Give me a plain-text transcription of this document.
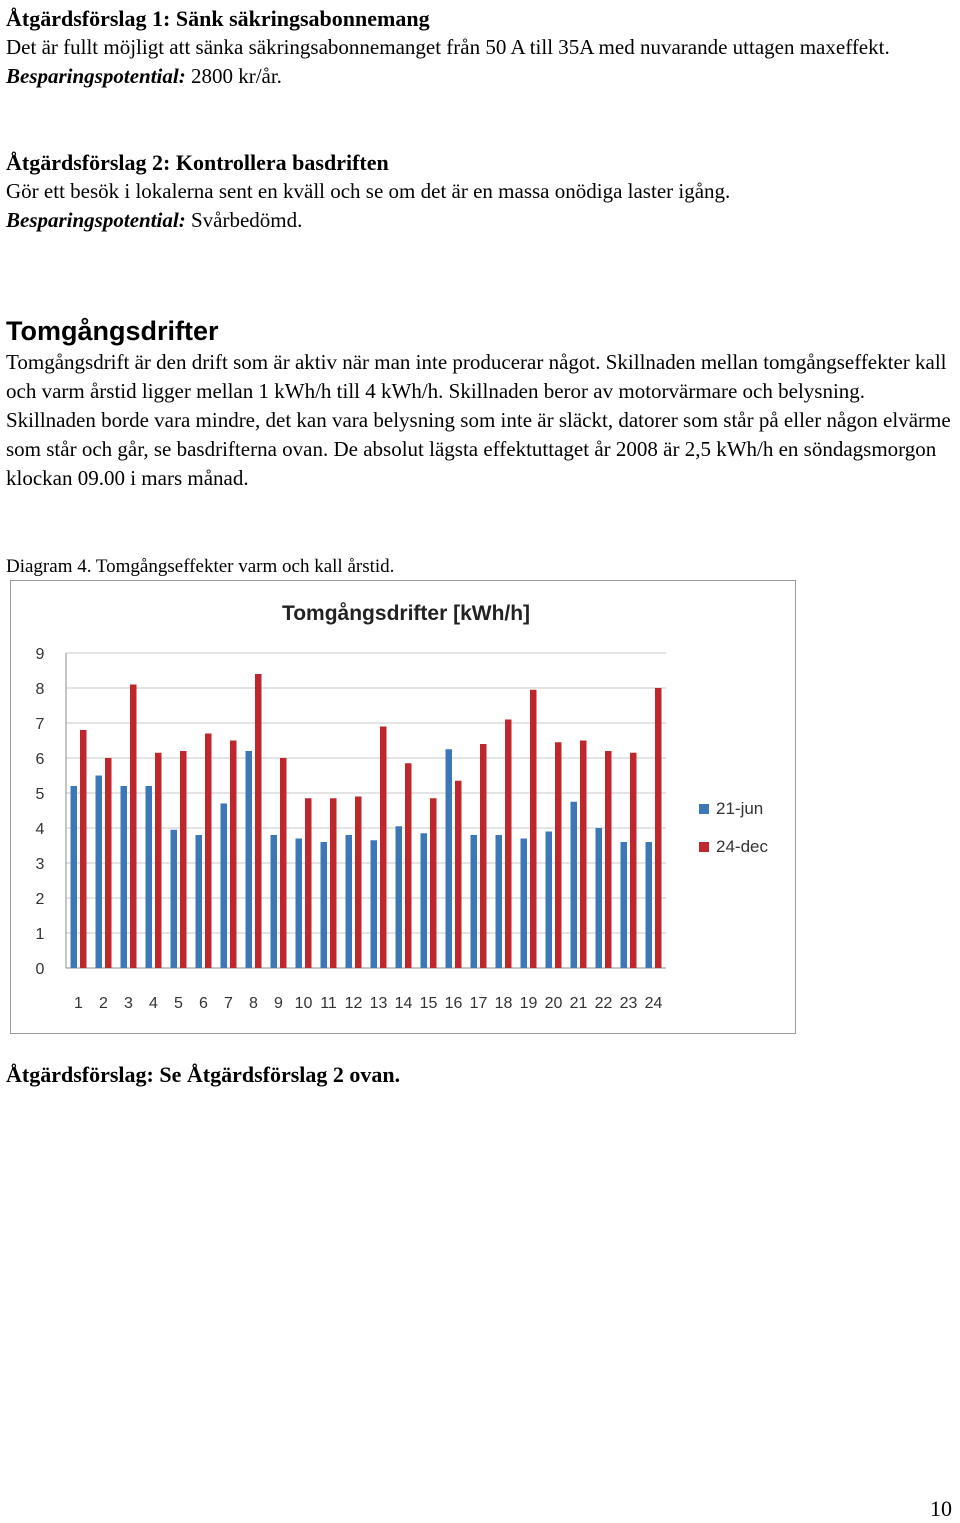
Åtgärdsförslag 1: Sänk säkringsabonnemang
Det är fullt möjligt att sänka säkringsabonnemanget från 50 A till 35A med nuvarande uttagen maxeffekt.
Besparingspotential: 2800 kr/år.
Åtgärdsförslag 2: Kontrollera basdriften
Gör ett besök i lokalerna sent en kväll och se om det är en massa onödiga laster igång.
Besparingspotential: Svårbedömd.
Tomgångsdrifter
Tomgångsdrift är den drift som är aktiv när man inte producerar något. Skillnaden mellan tomgångseffekter kall och varm årstid ligger mellan 1 kWh/h till 4 kWh/h. Skillnaden beror av motorvärmare och belysning. Skillnaden borde vara mindre, det kan vara belysning som inte är släckt, datorer som står på eller någon elvärme som står och går, se basdrifterna ovan. De absolut lägsta effektuttaget år 2008 är 2,5 kWh/h en söndagsmorgon klockan 09.00 i mars månad.
Diagram 4. Tomgångseffekter varm och kall årstid.
Tomgångsdrifter [kWh/h]
0
1
2
3
4
5
6
7
8
9
1 2 3 4 5 6 7 8 9 10 11 12 13 14 15 16 17 18 19 20 21 22 23 24
21-jun
24-dec
Åtgärdsförslag: Se Åtgärdsförslag 2 ovan.
10
